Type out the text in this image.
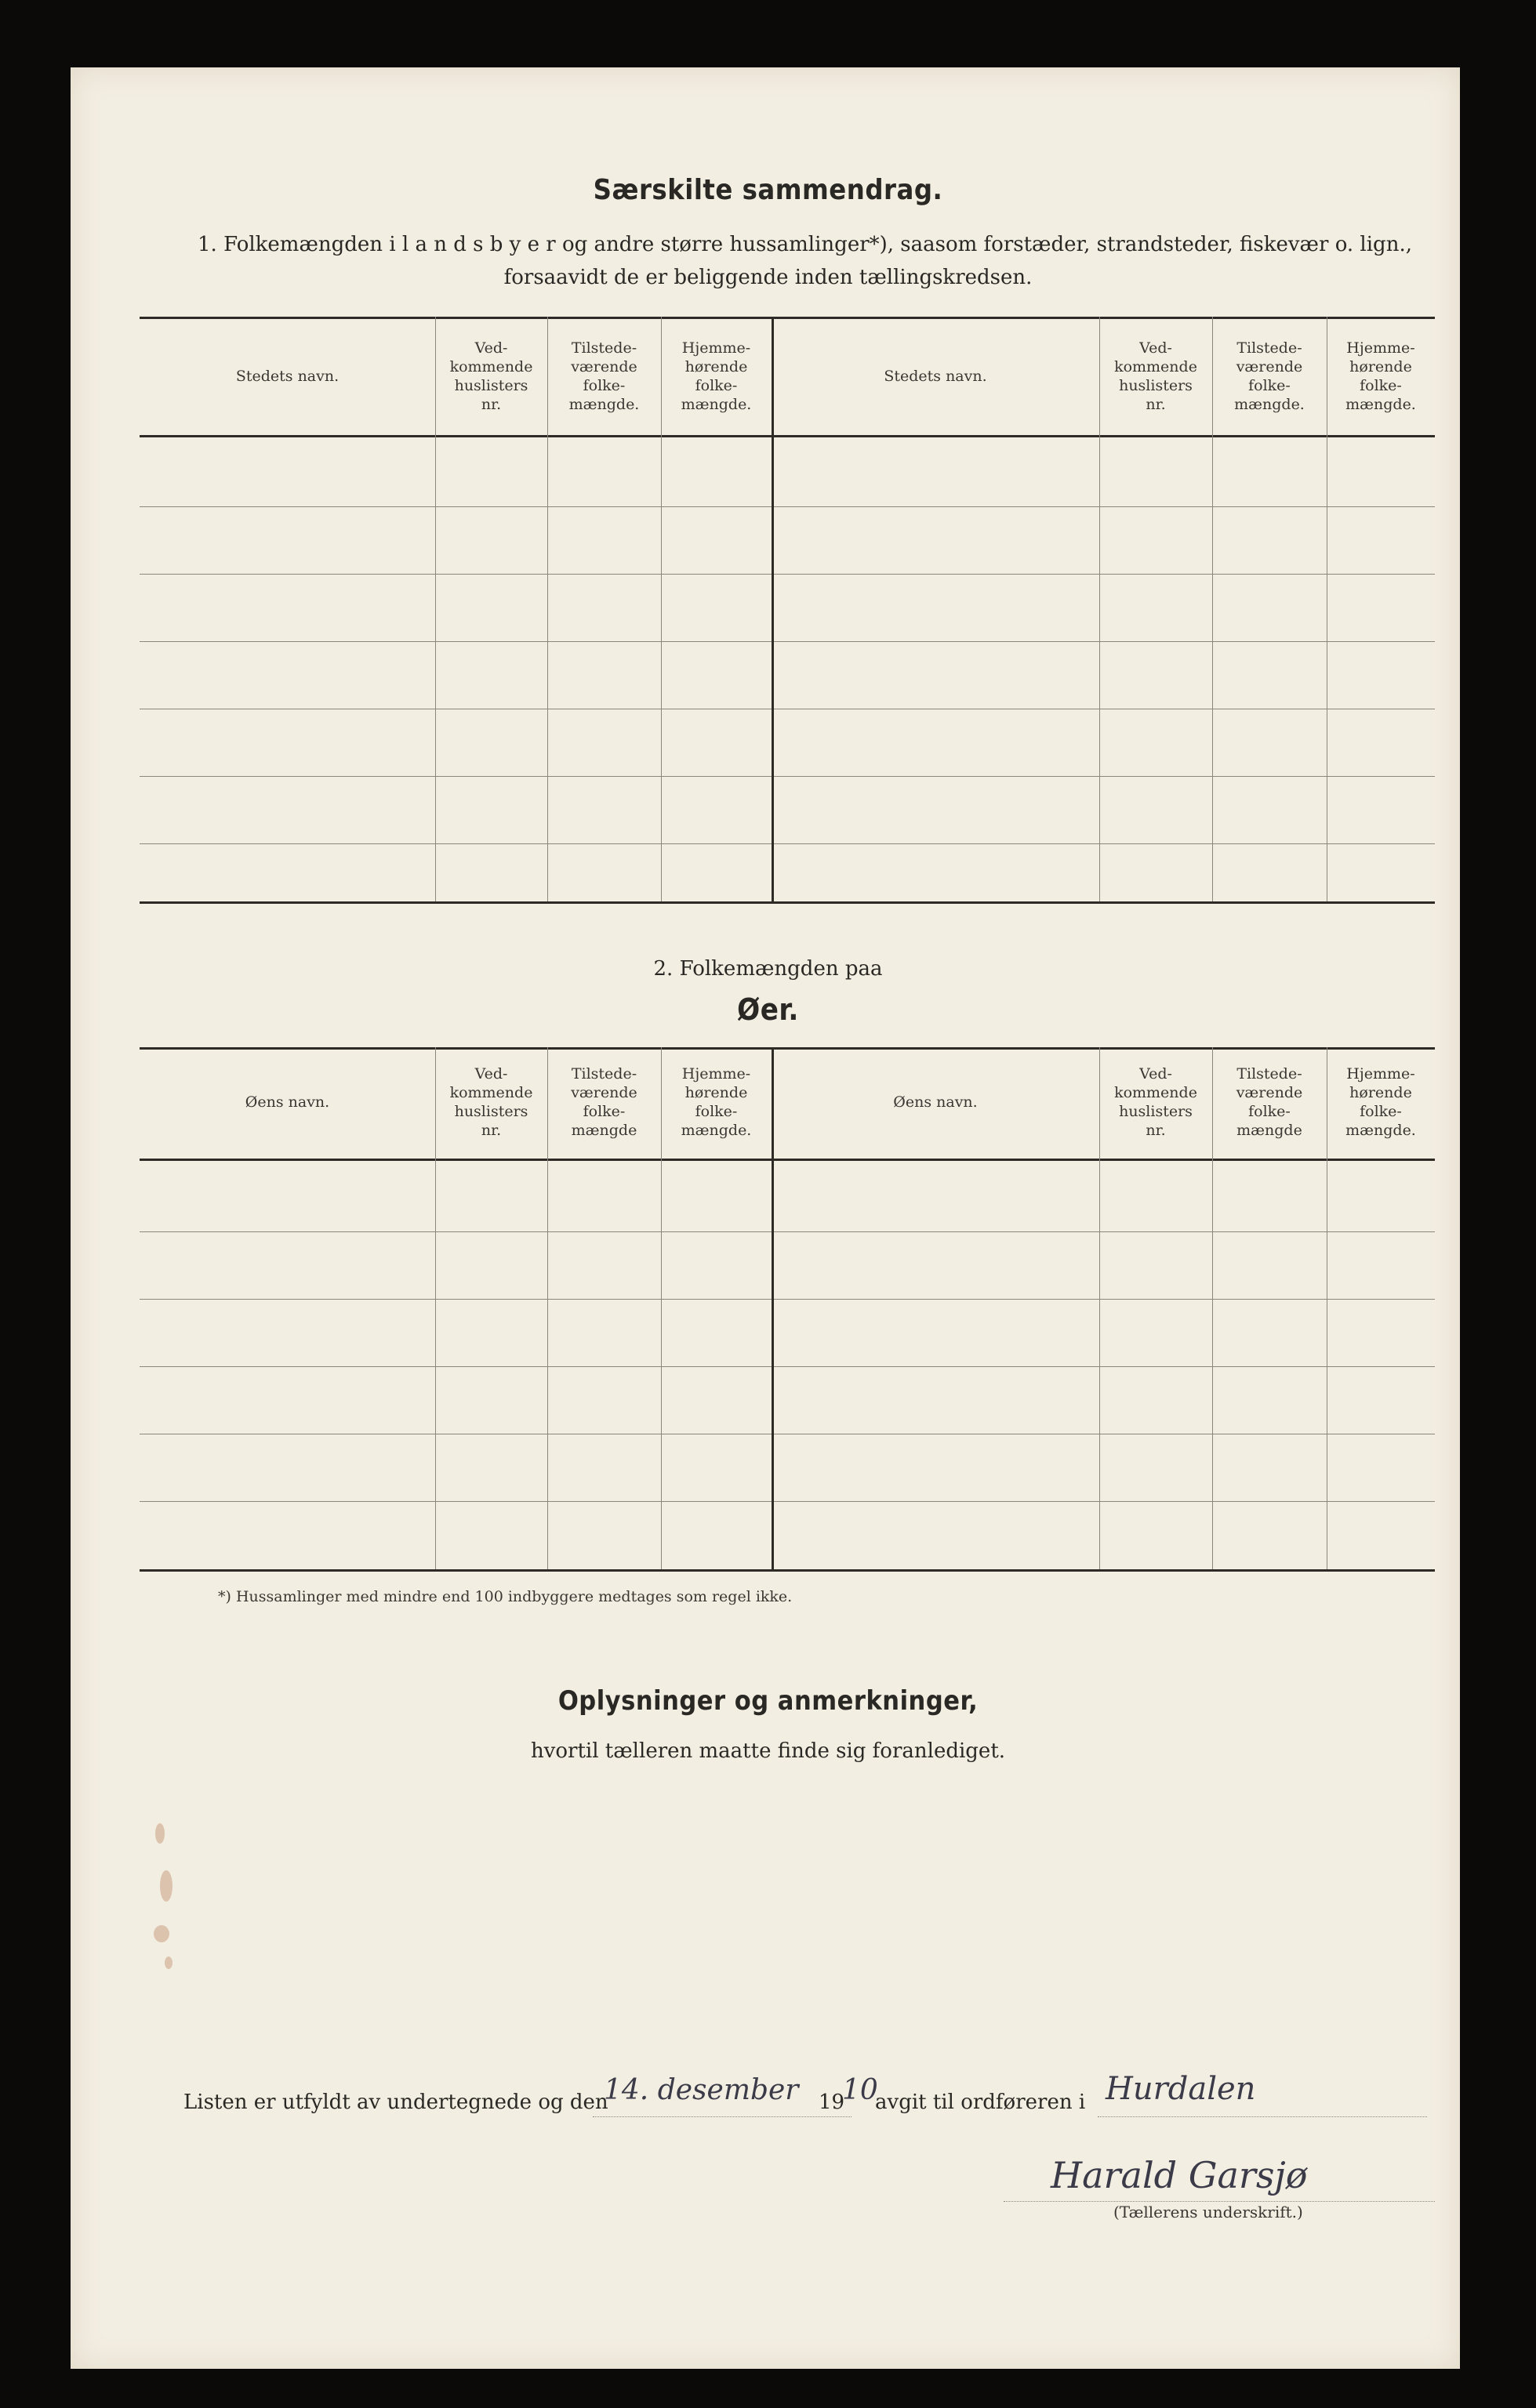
Særskilte sammendrag.
1. Folkemængden i l a n d s b y e r og andre større hussamlinger*), saasom forstæder, strandsteder, fiskevær o. lign.,
forsaavidt de er beliggende inden tællingskredsen.
Stedets navn.
Ved-
kommende
huslisters
nr.
Tilstede-
værende
folke-
mængde.
Hjemme-
hørende
folke-
mængde.
Stedets navn.
Ved-
kommende
huslisters
nr.
Tilstede-
værende
folke-
mængde.
Hjemme-
hørende
folke-
mængde.
2. Folkemængden paa
Øer.
Øens navn.
Ved-
kommende
huslisters
nr.
Tilstede-
værende
folke-
mængde
Hjemme-
hørende
folke-
mængde.
Øens navn.
Ved-
kommende
huslisters
nr.
Tilstede-
værende
folke-
mængde
Hjemme-
hørende
folke-
mængde.
*) Hussamlinger med mindre end 100 indbyggere medtages som regel ikke.
Oplysninger og anmerkninger,
hvortil tælleren maatte finde sig foranlediget.
Listen er utfyldt av undertegnede og den
14. desember 19
10
avgit til ordføreren i Hurdalen
Harald Garsjø
(Tællerens underskrift.)
